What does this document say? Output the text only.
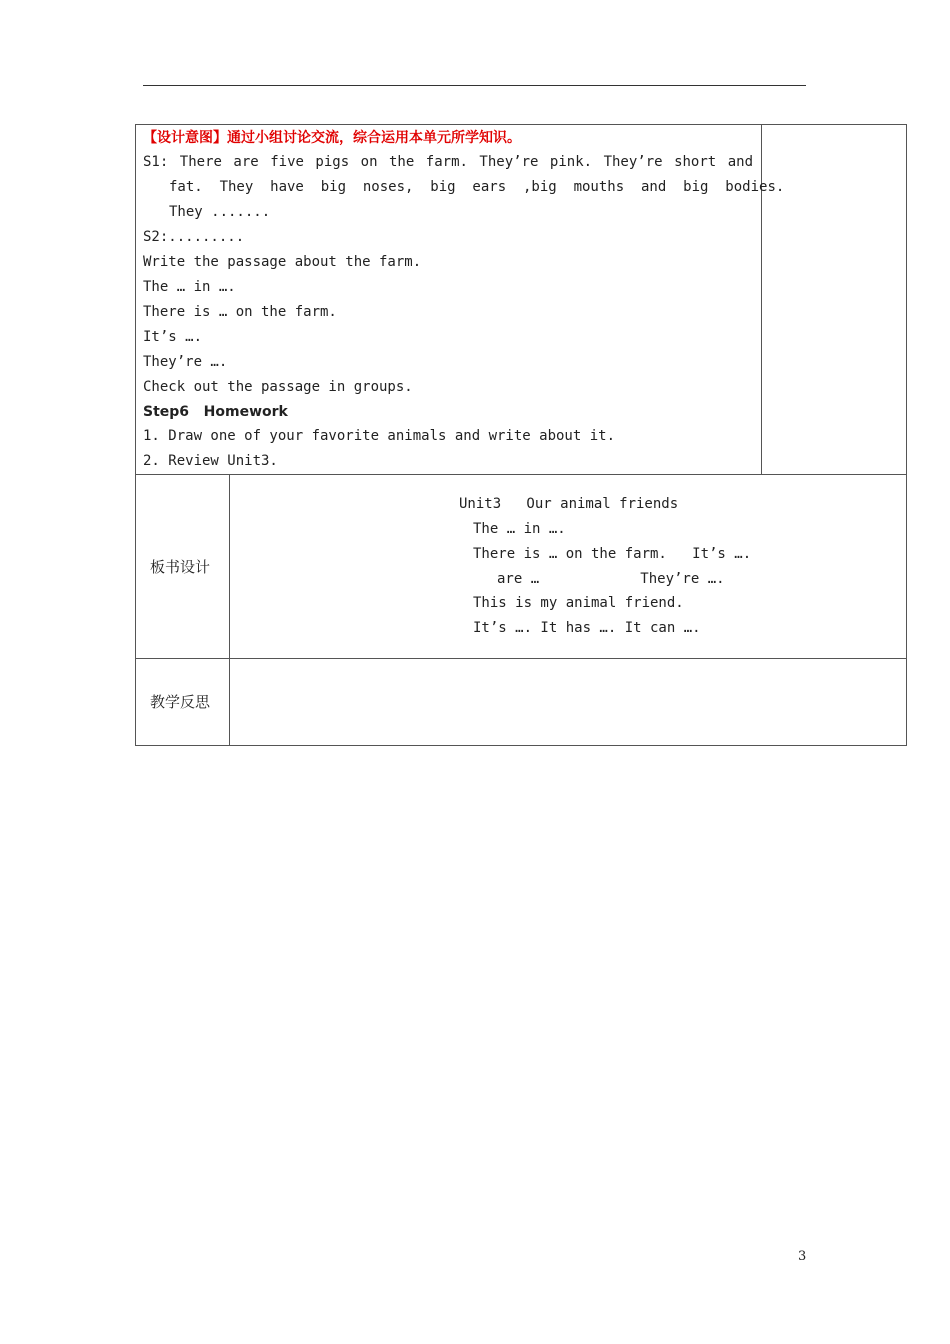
【设计意图】通过小组讨论交流，综合运用本单元所学知识。
S1: There are five pigs on the farm. They’re pink. They’re short and
fat.  They  have  big  noses,  big  ears  ,big  mouths  and  big  bodies.
They .......
S2:.........
Write the passage about the farm.
The … in ….
There is … on the farm.
It’s ….
They’re ….
Check out the passage in groups.
Step6   Homework
1. Draw one of your favorite animals and write about it.
2. Review Unit3.
板书设计
Unit3   Our animal friends
The … in ….
There is … on the farm.   It’s ….
are …            They’re ….
This is my animal friend.
It’s …. It has …. It can ….
教学反思
3
